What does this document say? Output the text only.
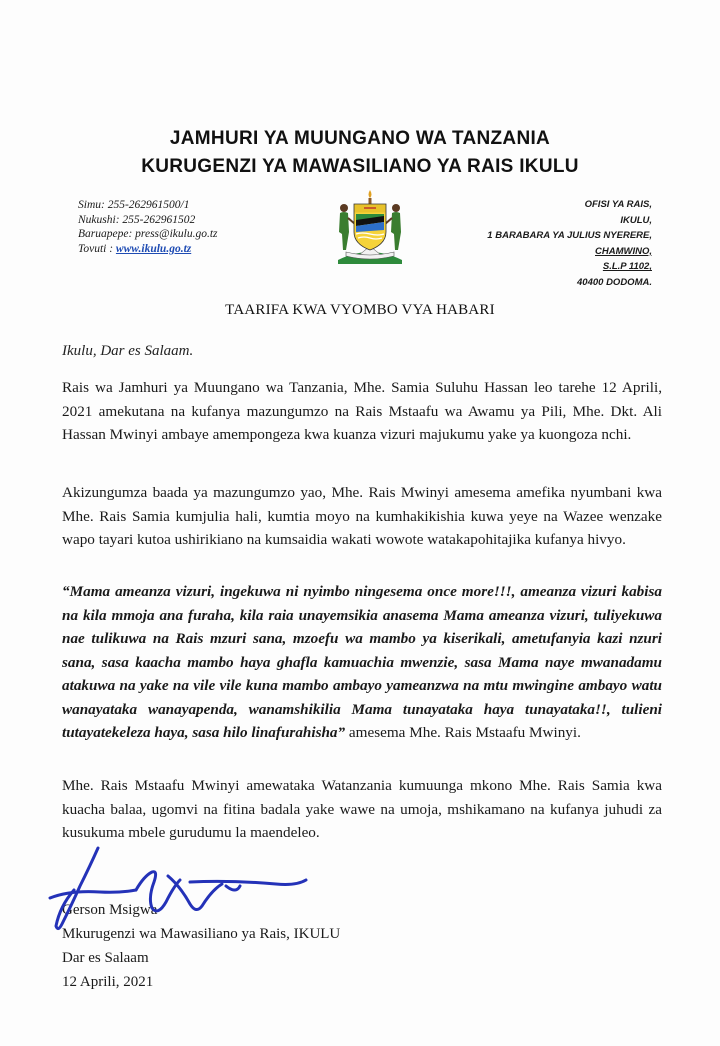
JAMHURI YA MUUNGANO WA TANZANIA
KURUGENZI YA MAWASILIANO YA RAIS IKULU
Simu: 255-262961500/1
Nukushi: 255-262961502
Baruapepe: press@ikulu.go.tz
Tovuti : www.ikulu.go.tz
OFISI YA RAIS,
IKULU,
1 BARABARA YA JULIUS NYERERE,
CHAMWINO,
S.L.P 1102,
40400 DODOMA.
TAARIFA KWA VYOMBO VYA HABARI
Ikulu, Dar es Salaam.
Rais wa Jamhuri ya Muungano wa Tanzania, Mhe. Samia Suluhu Hassan leo tarehe 12 Aprili, 2021 amekutana na kufanya mazungumzo na Rais Mstaafu wa Awamu ya Pili, Mhe. Dkt. Ali Hassan Mwinyi ambaye amempongeza kwa kuanza vizuri majukumu yake ya kuongoza nchi.
Akizungumza baada ya mazungumzo yao, Mhe. Rais Mwinyi amesema amefika nyumbani kwa Mhe. Rais Samia kumjulia hali, kumtia moyo na kumhakikishia kuwa yeye na Wazee wenzake wapo tayari kutoa ushirikiano na kumsaidia wakati wowote watakapohitajika kufanya hivyo.
“Mama ameanza vizuri, ingekuwa ni nyimbo ningesema once more!!!, ameanza vizuri kabisa na kila mmoja ana furaha, kila raia unayemsikia anasema Mama ameanza vizuri, tuliyekuwa nae tulikuwa na Rais mzuri sana, mzoefu wa mambo ya kiserikali, ametufanyia kazi nzuri sana, sasa kaacha mambo haya ghafla kamuachia mwenzie, sasa Mama naye mwanadamu atakuwa na yake na vile vile kuna mambo ambayo yameanzwa na mtu mwingine ambayo watu wanayataka wanayapenda, wanamshikilia Mama tunayataka haya tunayataka!!, tulieni tutayatekeleza haya, sasa hilo linafurahisha” amesema Mhe. Rais Mstaafu Mwinyi.
Mhe. Rais Mstaafu Mwinyi amewataka Watanzania kumuunga mkono Mhe. Rais Samia kwa kuacha balaa, ugomvi na fitina badala yake wawe na umoja, mshikamano na kufanya juhudi za kusukuma mbele gurudumu la maendeleo.
Gerson Msigwa
Mkurugenzi wa Mawasiliano ya Rais, IKULU
Dar es Salaam
12 Aprili, 2021
